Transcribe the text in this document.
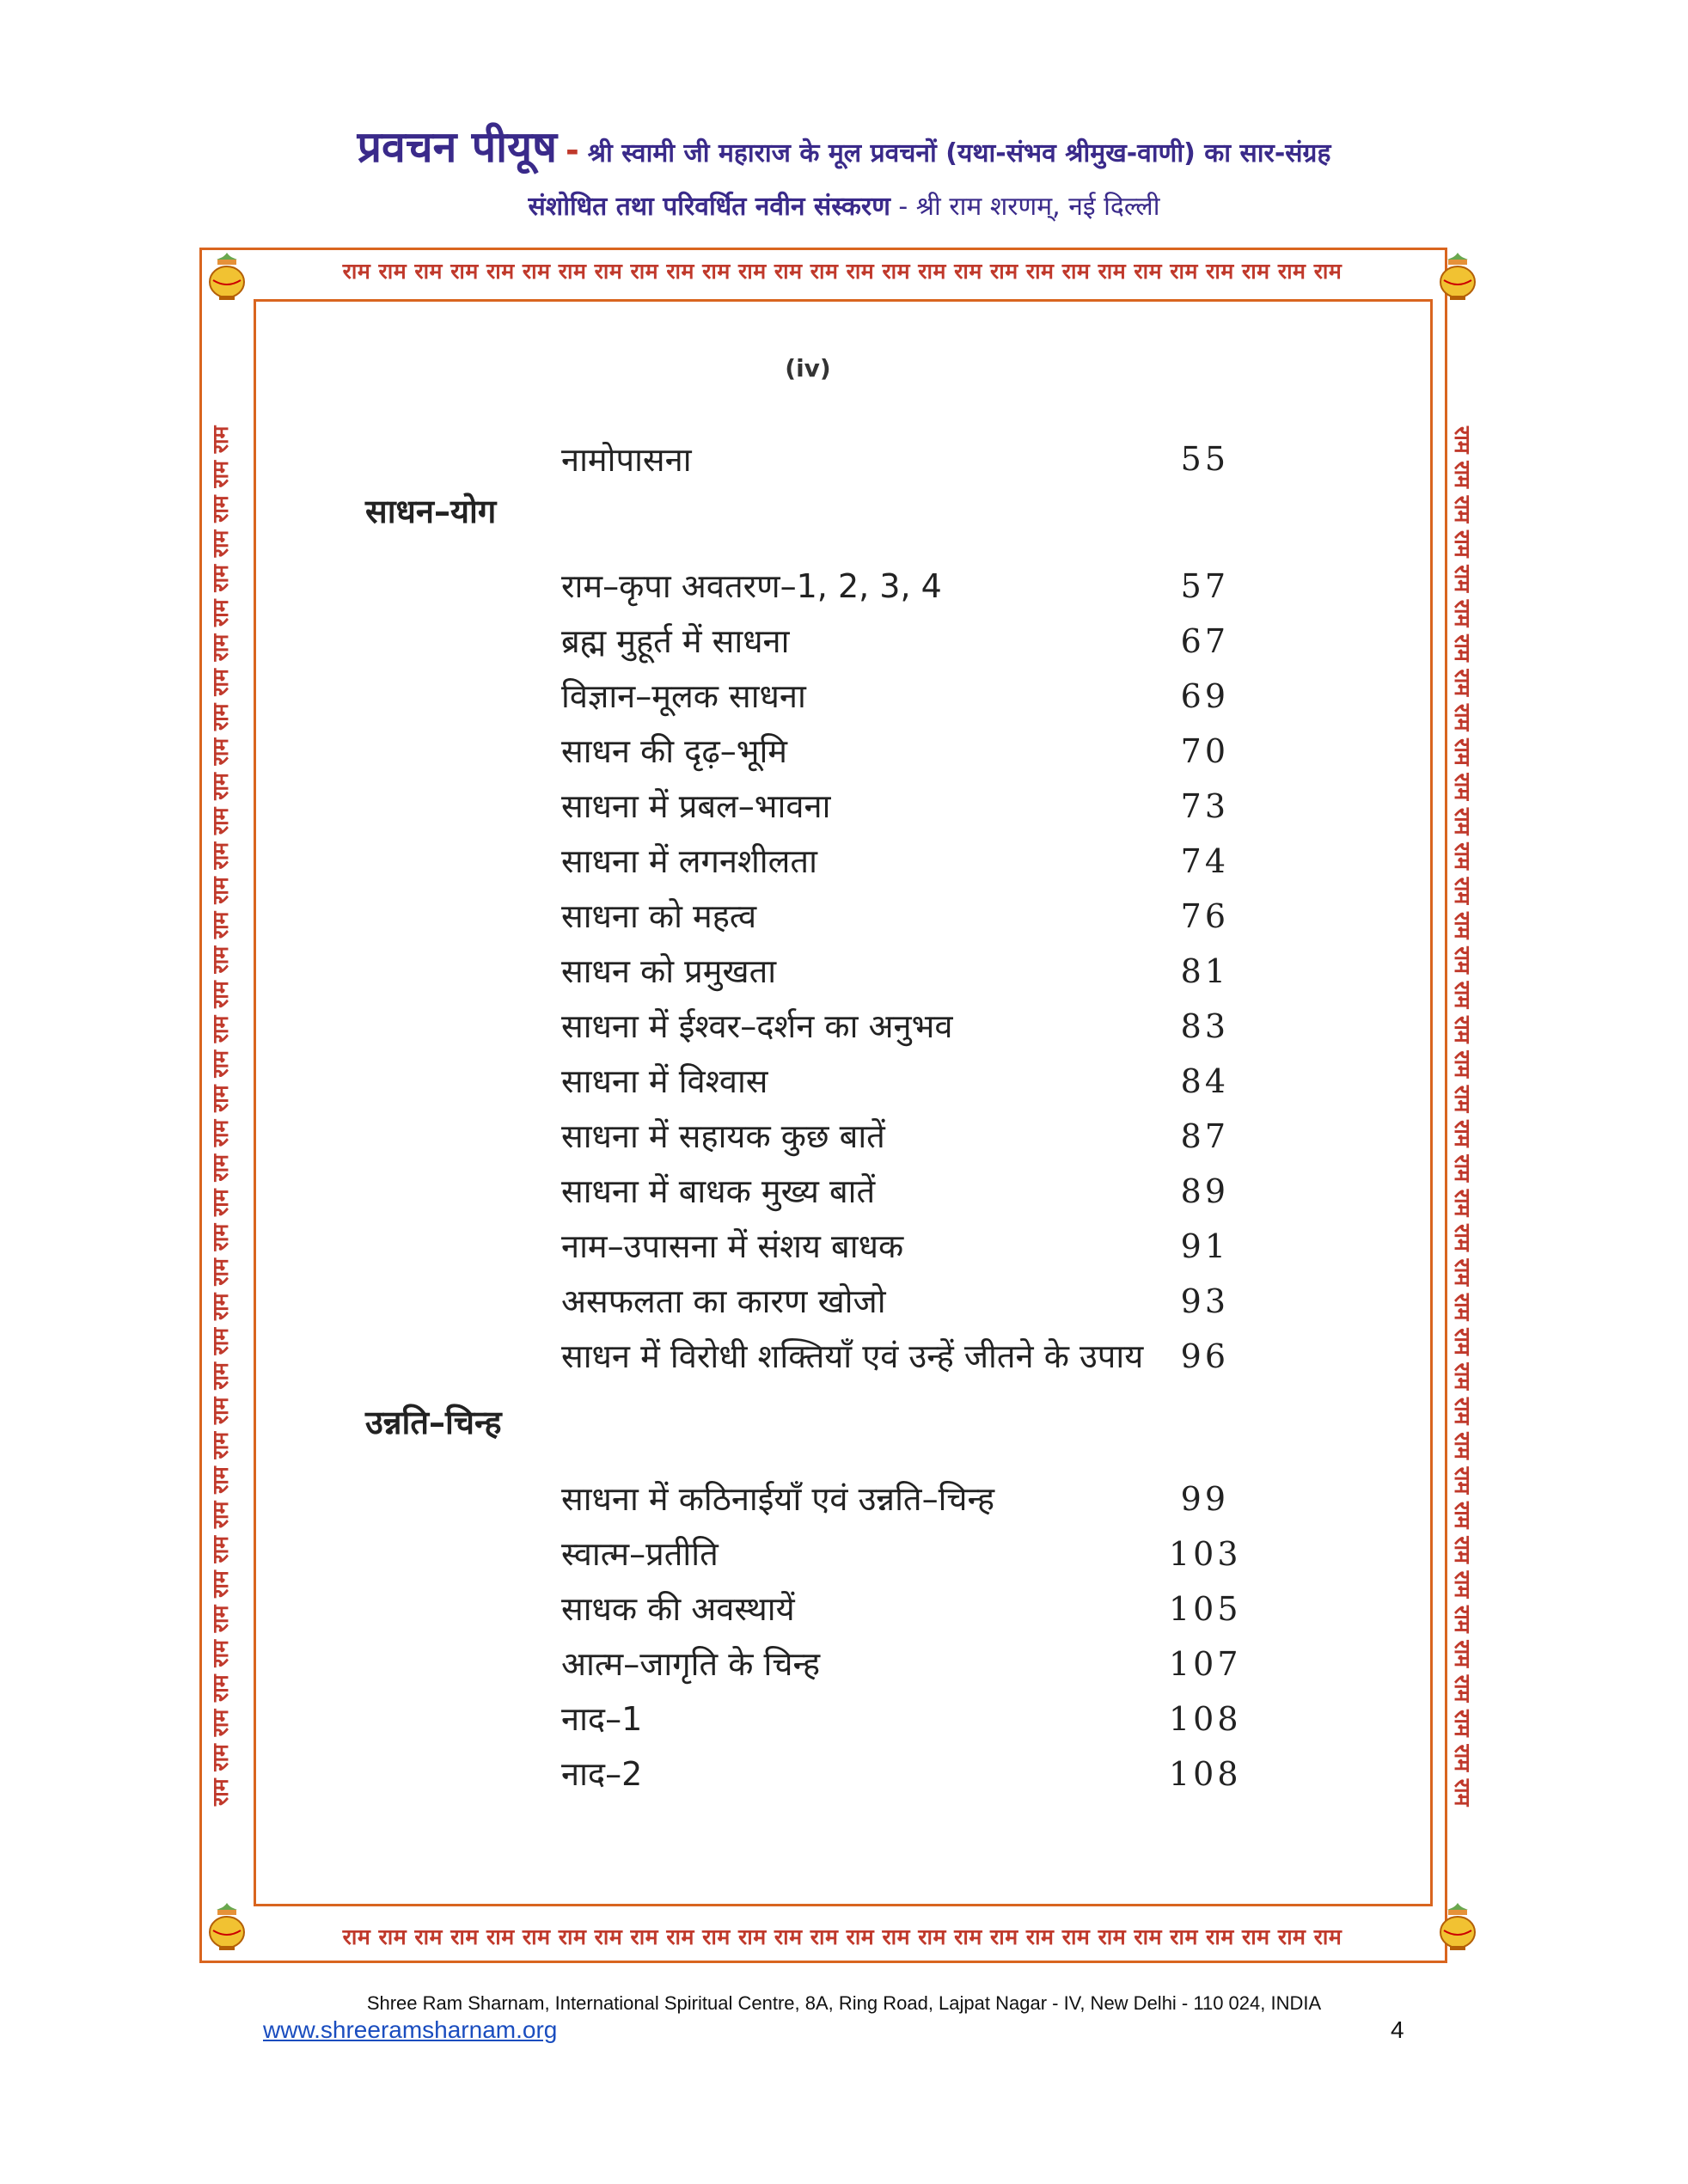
प्रवचन पीयूष - श्री स्वामी जी महाराज के मूल प्रवचनों (यथा-संभव श्रीमुख-वाणी) का सार-संग्रह
संशोधित तथा परिवर्धित नवीन संस्करण - श्री राम शरणम्, नई दिल्ली
राम राम राम राम राम राम राम राम राम राम राम राम राम राम राम राम राम राम राम राम राम राम राम राम राम राम राम राम
राम राम राम राम राम राम राम राम राम राम राम राम राम राम राम राम राम राम राम राम राम राम राम राम राम राम राम राम
राम राम राम राम राम राम राम राम राम राम राम राम राम राम राम राम राम राम राम राम राम राम राम राम राम राम राम राम राम राम राम राम राम राम राम राम राम राम राम राम	राम राम राम राम राम राम राम राम राम राम राम राम राम राम राम राम राम राम राम राम राम राम राम राम राम राम राम राम राम राम राम राम राम राम राम राम राम राम राम राम
(iv)
नामोपासना	55
साधन–योग
राम–कृपा अवतरण–1, 2, 3, 4	57
ब्रह्म मुहूर्त में साधना	67
विज्ञान–मूलक साधना	69
साधन की दृढ़–भूमि	70
साधना में प्रबल–भावना	73
साधना में लगनशीलता	74
साधना को महत्व	76
साधन को प्रमुखता	81
साधना में ईश्वर–दर्शन का अनुभव	83
साधना में विश्वास	84
साधना में सहायक कुछ बातें	87
साधना में बाधक मुख्य बातें	89
नाम–उपासना में संशय बाधक	91
असफलता का कारण खोजो	93
साधन में विरोधी शक्तियाँ एवं उन्हें जीतने के उपाय	96
उन्नति–चिन्ह
साधना में कठिनाईयाँ एवं उन्नति–चिन्ह	99
स्वात्म–प्रतीति	103
साधक की अवस्थायें	105
आत्म–जागृति के चिन्ह	107
नाद–1	108
नाद–2	108
Shree Ram Sharnam, International Spiritual Centre, 8A, Ring Road, Lajpat Nagar - IV, New Delhi - 110 024, INDIA
www.shreeramsharnam.org	4
